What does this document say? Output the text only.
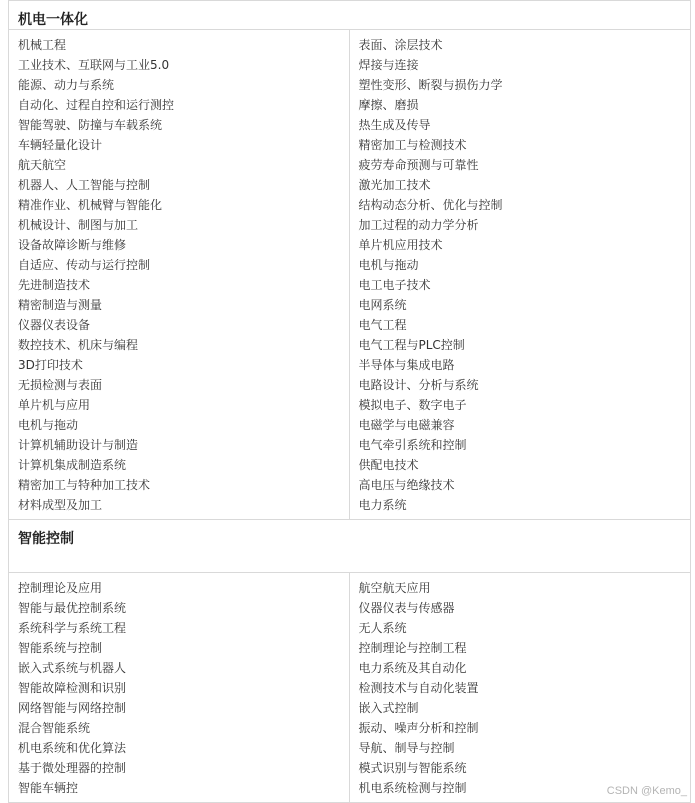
机电一体化
机械工程
工业技术、互联网与工业5.0
能源、动力与系统
自动化、过程自控和运行测控
智能驾驶、防撞与车载系统
车辆轻量化设计
航天航空
机器人、人工智能与控制
精准作业、机械臂与智能化
机械设计、制图与加工
设备故障诊断与维修
自适应、传动与运行控制
先进制造技术
精密制造与测量
仪器仪表设备
数控技术、机床与编程
3D打印技术
无损检测与表面
单片机与应用
电机与拖动
计算机辅助设计与制造
计算机集成制造系统
精密加工与特种加工技术
材料成型及加工
表面、涂层技术
焊接与连接
塑性变形、断裂与损伤力学
摩擦、磨损
热生成及传导
精密加工与检测技术
疲劳寿命预测与可靠性
激光加工技术
结构动态分析、优化与控制
加工过程的动力学分析
单片机应用技术
电机与拖动
电工电子技术
电网系统
电气工程
电气工程与PLC控制
半导体与集成电路
电路设计、分析与系统
模拟电子、数字电子
电磁学与电磁兼容
电气牵引系统和控制
供配电技术
高电压与绝缘技术
电力系统
智能控制
控制理论及应用
智能与最优控制系统
系统科学与系统工程
智能系统与控制
嵌入式系统与机器人
智能故障检测和识别
网络智能与网络控制
混合智能系统
机电系统和优化算法
基于微处理器的控制
智能车辆控
航空航天应用
仪器仪表与传感器
无人系统
控制理论与控制工程
电力系统及其自动化
检测技术与自动化装置
嵌入式控制
振动、噪声分析和控制
导航、制导与控制
模式识别与智能系统
机电系统检测与控制	CSDN @Kemo_
